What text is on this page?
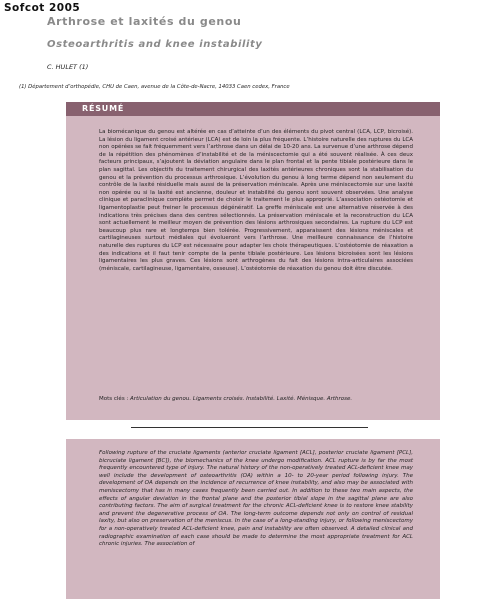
Sofcot 2005
Arthrose et laxités du genou
Osteoarthritis and knee instability
C. HULET (1)
(1) Département d’orthopédie, CHU de Caen, avenue de la Côte-de-Nacre, 14033 Caen cedex, France
RÉSUMÉ

La biomécanique du genou est altérée en cas d’atteinte d’un des éléments du pivot central (LCA, LCP, bicroisé). La lésion du ligament croisé antérieur (LCA) est de loin la plus fréquente. L’histoire naturelle des ruptures du LCA non opérées se fait fréquemment vers l’arthrose dans un délai de 10-20 ans. La survenue d’une arthrose dépend de la répétition des phénomènes d’instabilité et de la méniscectomie qui a été souvent réalisée. À ces deux facteurs principaux, s’ajoutent la déviation angulaire dans le plan frontal et la pente tibiale postérieure dans le plan sagittal. Les objectifs du traitement chirurgical des laxités antérieures chroniques sont la stabilisation du genou et la prévention du processus arthrosique. L’évolution du genou à long terme dépend non seulement du contrôle de la laxité résiduelle mais aussi de la préservation méniscale. Après une méniscectomie sur une laxité non opérée ou si la laxité est ancienne, douleur et instabilité du genou sont souvent observées. Une analyse clinique et paraclinique complète permet de choisir le traitement le plus approprié. L’association ostéotomie et ligamentoplastie peut freiner le processus dégénératif. La greffe méniscale est une alternative réservée à des indications très précises dans des centres sélectionnés. La préservation méniscale et la reconstruction du LCA sont actuellement le meilleur moyen de prévention des lésions arthrosiques secondaires. La rupture du LCP est beaucoup plus rare et longtemps bien tolérée. Progressivement, apparaissent des lésions méniscales et cartilagineuses surtout médiales qui évolueront vers l’arthrose. Une meilleure connaissance de l’histoire naturelle des ruptures du LCP est nécessaire pour adapter les choix thérapeutiques. L’ostéotomie de réaxation a des indications et il faut tenir compte de la pente tibiale postérieure. Les lésions bicroisées sont les lésions ligamentaires les plus graves. Ces lésions sont arthrogènes du fait des lésions intra-articulaires associées (méniscale, cartilagineuse, ligamentaire, osseuse). L’ostéotomie de réaxation du genou doit être discutée.

Mots clés : Articulation du genou. Ligaments croisés. Instabilité. Laxité. Ménisque. Arthrose.

Following rupture of the cruciate ligaments (anterior cruciate ligament [ACL], posterior cruciate ligament [PCL], bicruciate ligament [BC]), the biomechanics of the knee undergo modification. ACL rupture is by far the most frequently encountered type of injury. The natural history of the non-operatively treated ACL-deficient knee may well include the development of osteoarthritis (OA) within a 10- to 20-year period following injury. The development of OA depends on the incidence of recurrence of knee instability, and also may be associated with meniscectomy that has in many cases frequently been carried out. In addition to these two main aspects, the effects of angular deviation in the frontal plane and the posterior tibial slope in the sagittal plane are also contributing factors. The aim of surgical treatment for the chronic ACL-deficient knee is to restore knee stability and prevent the degenerative process of OA. The long-term outcome depends not only on control of residual laxity, but also on preservation of the meniscus. In the case of a long-standing injury, or following meniscectomy for a non-operatively treated ACL-deficient knee, pain and instability are often observed. A detailed clinical and radiographic examination of each case should be made to determine the most appropriate treatment for ACL chronic injuries. The association of
